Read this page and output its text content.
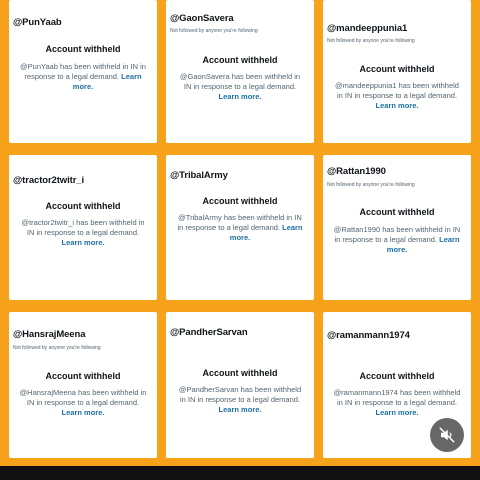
@PunYaab
Account withheld
@PunYaab has been withheld in IN in response to a legal demand. Learn more.
@GaonSavera
Not followed by anyone you're following
Account withheld
@GaonSavera has been withheld in IN in response to a legal demand. Learn more.
@mandeeppunia1
Not followed by anyone you're following
Account withheld
@mandeeppunia1 has been withheld in IN in response to a legal demand. Learn more.
@tractor2twitr_i
Account withheld
@tractor2twitr_i has been withheld in IN in response to a legal demand. Learn more.
@TribalArmy
Account withheld
@TribalArmy has been withheld in IN in response to a legal demand. Learn more.
@Rattan1990
Not followed by anyone you're following
Account withheld
@Rattan1990 has been withheld in IN in response to a legal demand. Learn more.
@HansrajMeena
Not followed by anyone you're following
Account withheld
@HansrajMeena has been withheld in IN in response to a legal demand. Learn more.
@PandherSarvan
Account withheld
@PandherSarvan has been withheld in IN in response to a legal demand. Learn more.
@ramanmann1974
Account withheld
@ramanmann1974 has been withheld in IN in response to a legal demand. Learn more.
